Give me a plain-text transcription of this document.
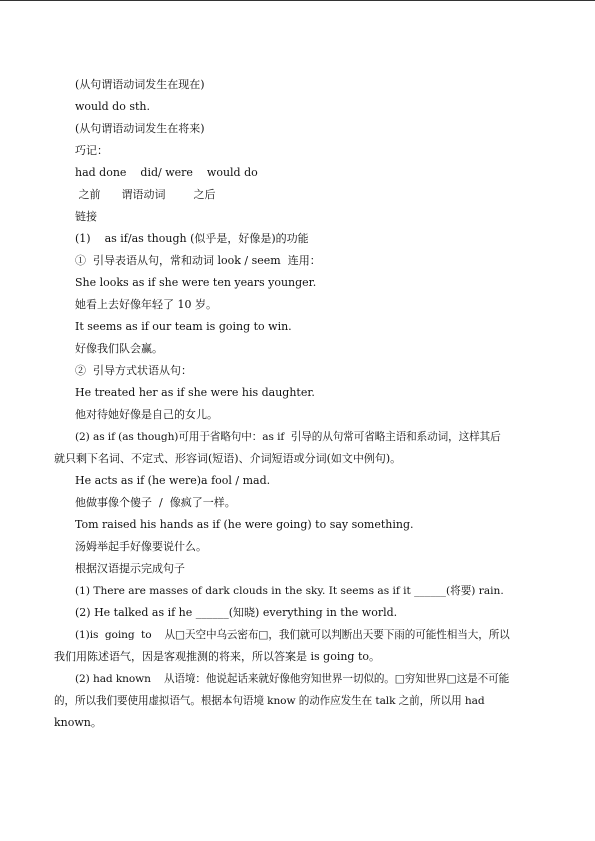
(从句谓语动词发生在现在)
would do sth.
(从句谓语动词发生在将来)
巧记：
had done    did/ were    would do
之前      谓语动词        之后
链接
(1)    as if/as though (似乎是，好像是)的功能
①  引导表语从句，常和动词 look / seem  连用：
She looks as if she were ten years younger.
她看上去好像年轻了 10 岁。
It seems as if our team is going to win.
好像我们队会赢。
②  引导方式状语从句：
He treated her as if she were his daughter.
他对待她好像是自己的女儿。
(2) as if (as though)可用于省略句中：as if  引导的从句常可省略主语和系动词，这样其后
就只剩下名词、不定式、形容词(短语)、介词短语或分词(如文中例句)。
He acts as if (he were)a fool / mad.
他做事像个傻子  /  像疯了一样。
Tom raised his hands as if (he were going) to say something.
汤姆举起手好像要说什么。
根据汉语提示完成句子
(1) There are masses of dark clouds in the sky. It seems as if it ______(将要) rain.
(2) He talked as if he ______(知晓) everything in the world.
(1)is  going  to    从□天空中乌云密布□，我们就可以判断出天要下雨的可能性相当大，所以
我们用陈述语气，因是客观推测的将来，所以答案是 is going to。
(2) had known    从语境：他说起话来就好像他穷知世界一切似的。□穷知世界□这是不可能
的，所以我们要使用虚拟语气。根据本句语境 know 的动作应发生在 talk 之前，所以用 had
known。
